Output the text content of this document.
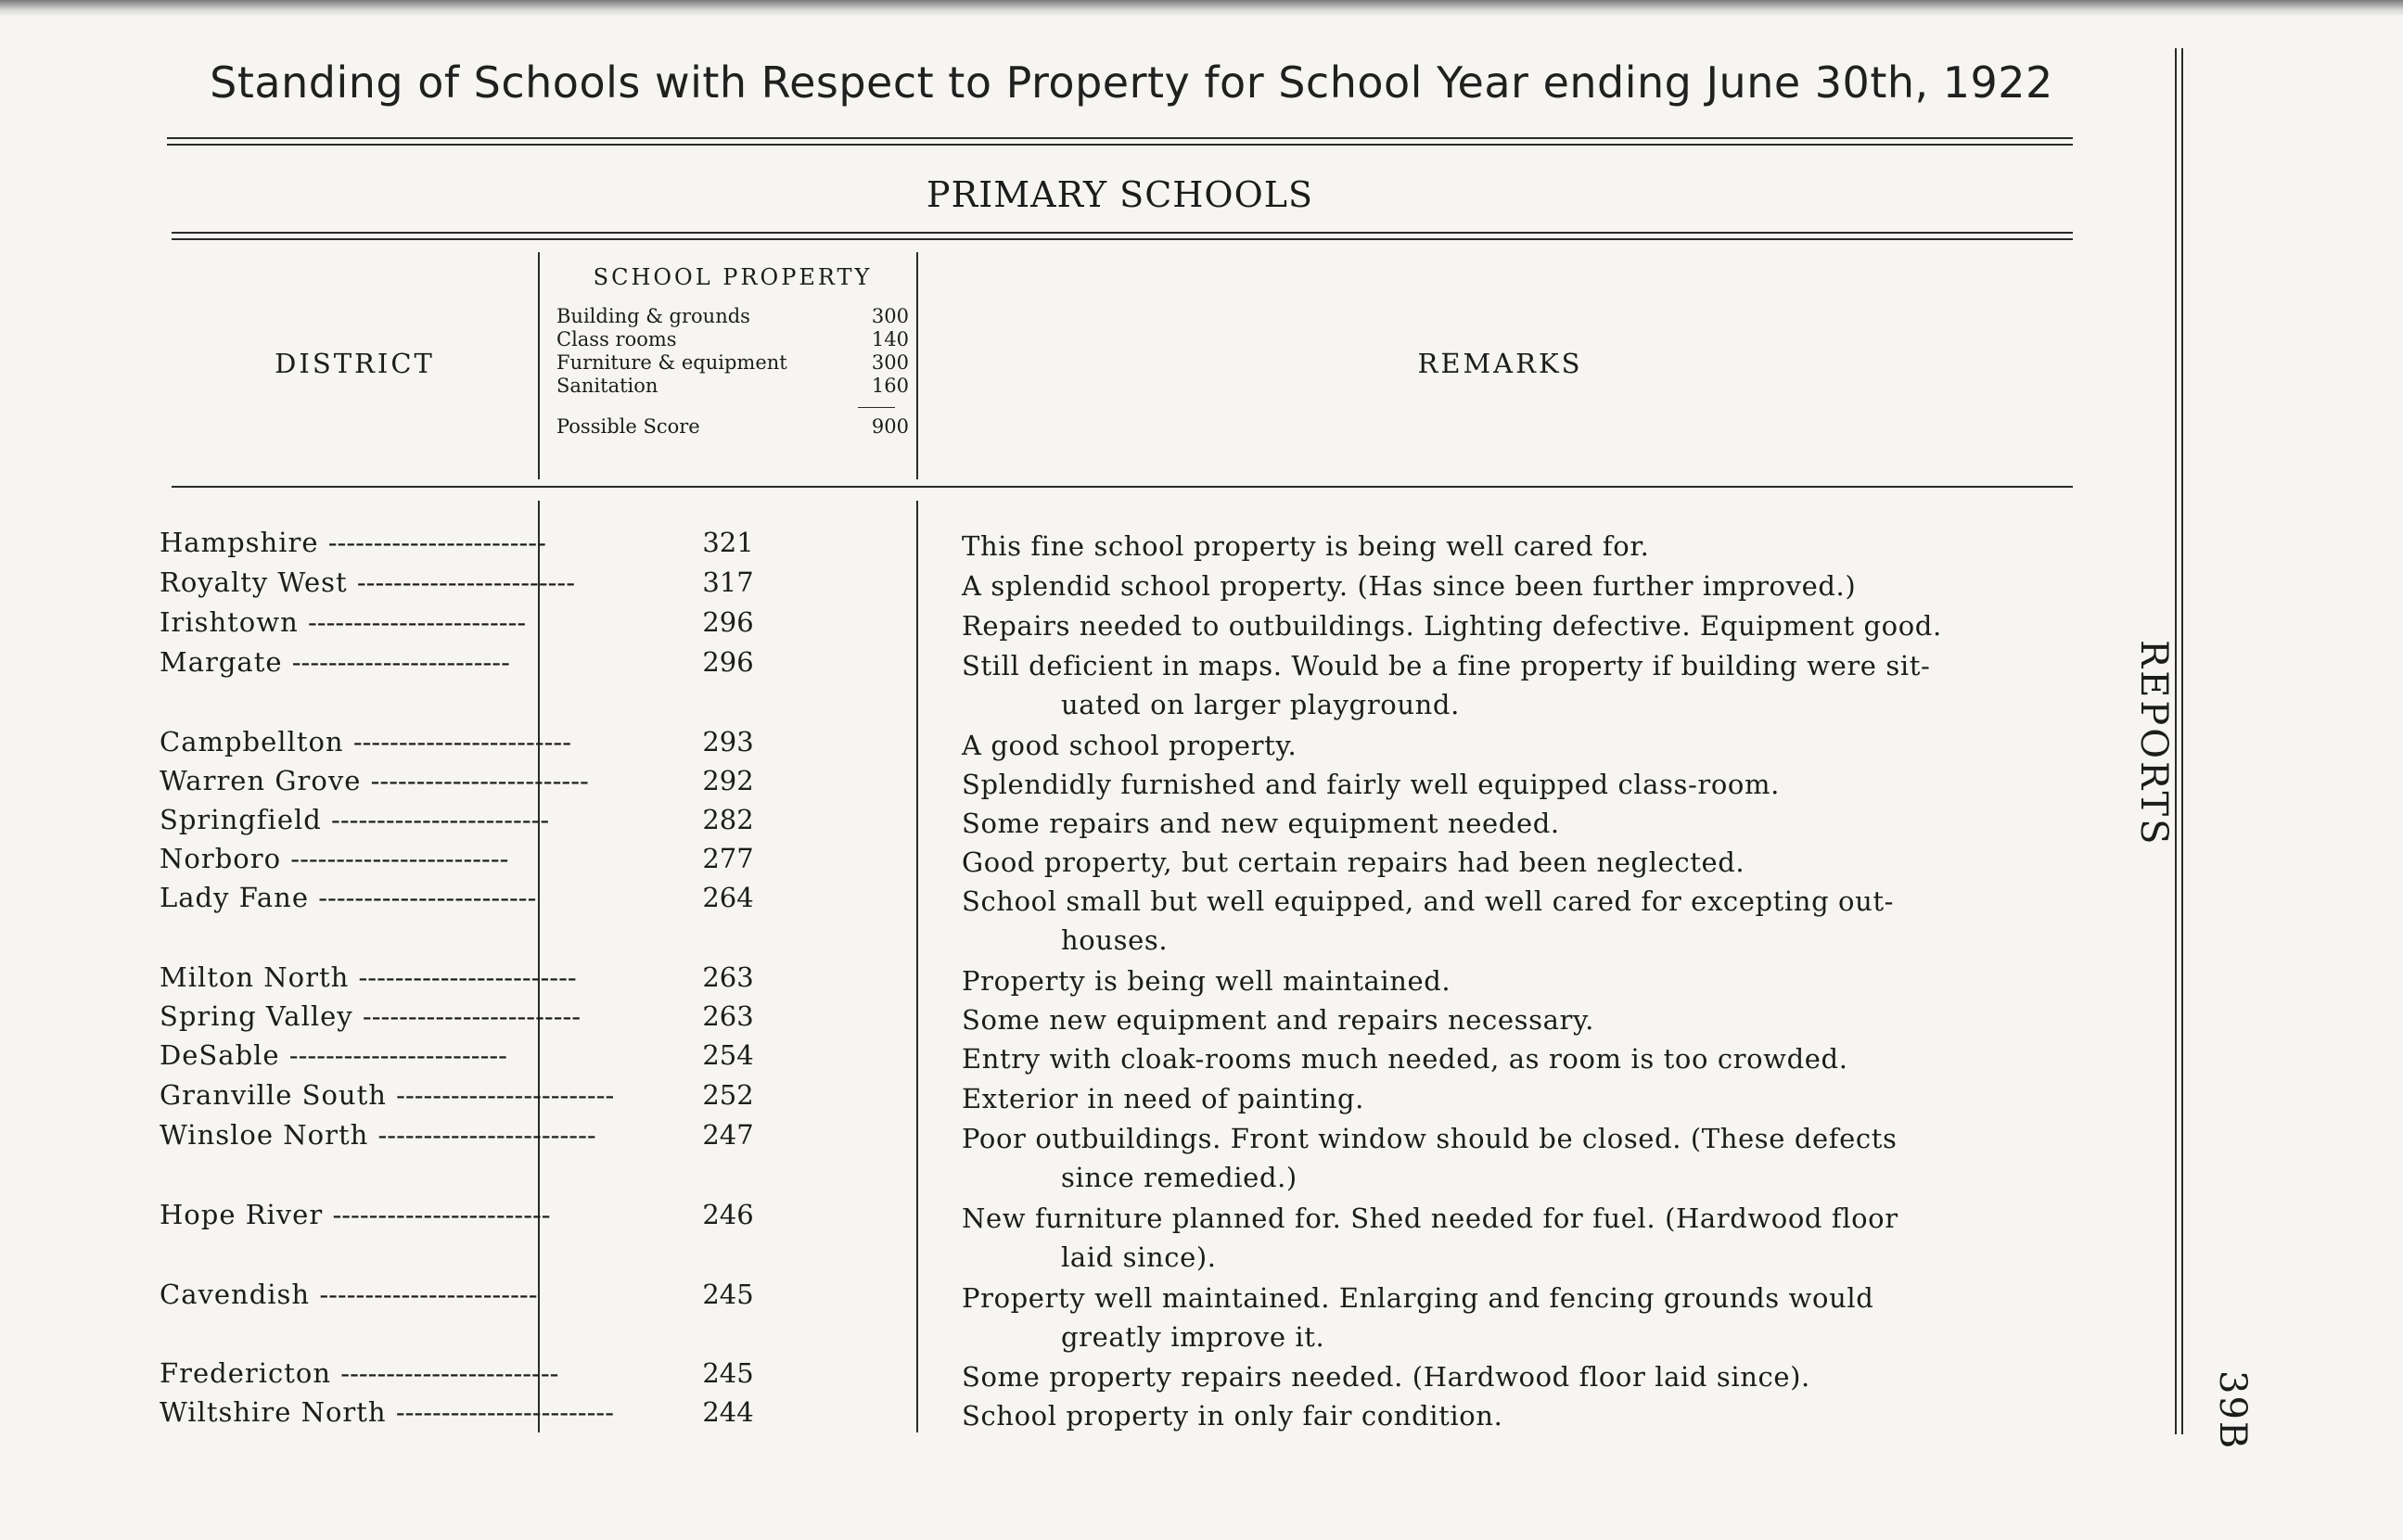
Standing of Schools with Respect to Property for School Year ending June 30th, 1922
PRIMARY SCHOOLS
DISTRICT
SCHOOL PROPERTY
Building & grounds	300
Class rooms	140
Furniture & equipment	300
Sanitation	160
Possible Score	900
REMARKS
Hampshire ------------------------	321	This fine school property is being well cared for.
Royalty West ------------------------	317	A splendid school property. (Has since been further improved.)
Irishtown ------------------------	296	Repairs needed to outbuildings. Lighting defective. Equipment good.
Margate ------------------------	296	Still deficient in maps. Would be a fine property if building were sit-
uated on larger playground.
Campbellton ------------------------	293	A good school property.
Warren Grove ------------------------	292	Splendidly furnished and fairly well equipped class-room.
Springfield ------------------------	282	Some repairs and new equipment needed.
Norboro ------------------------	277	Good property, but certain repairs had been neglected.
Lady Fane ------------------------	264	School small but well equipped, and well cared for excepting out-
houses.
Milton North ------------------------	263	Property is being well maintained.
Spring Valley ------------------------	263	Some new equipment and repairs necessary.
DeSable ------------------------	254	Entry with cloak-rooms much needed, as room is too crowded.
Granville South ------------------------	252	Exterior in need of painting.
Winsloe North ------------------------	247	Poor outbuildings. Front window should be closed. (These defects
since remedied.)
Hope River ------------------------	246	New furniture planned for. Shed needed for fuel. (Hardwood floor
laid since).
Cavendish ------------------------	245	Property well maintained. Enlarging and fencing grounds would
greatly improve it.
Fredericton ------------------------	245	Some property repairs needed. (Hardwood floor laid since).
Wiltshire North ------------------------	244	School property in only fair condition.
REPORTS
39B
